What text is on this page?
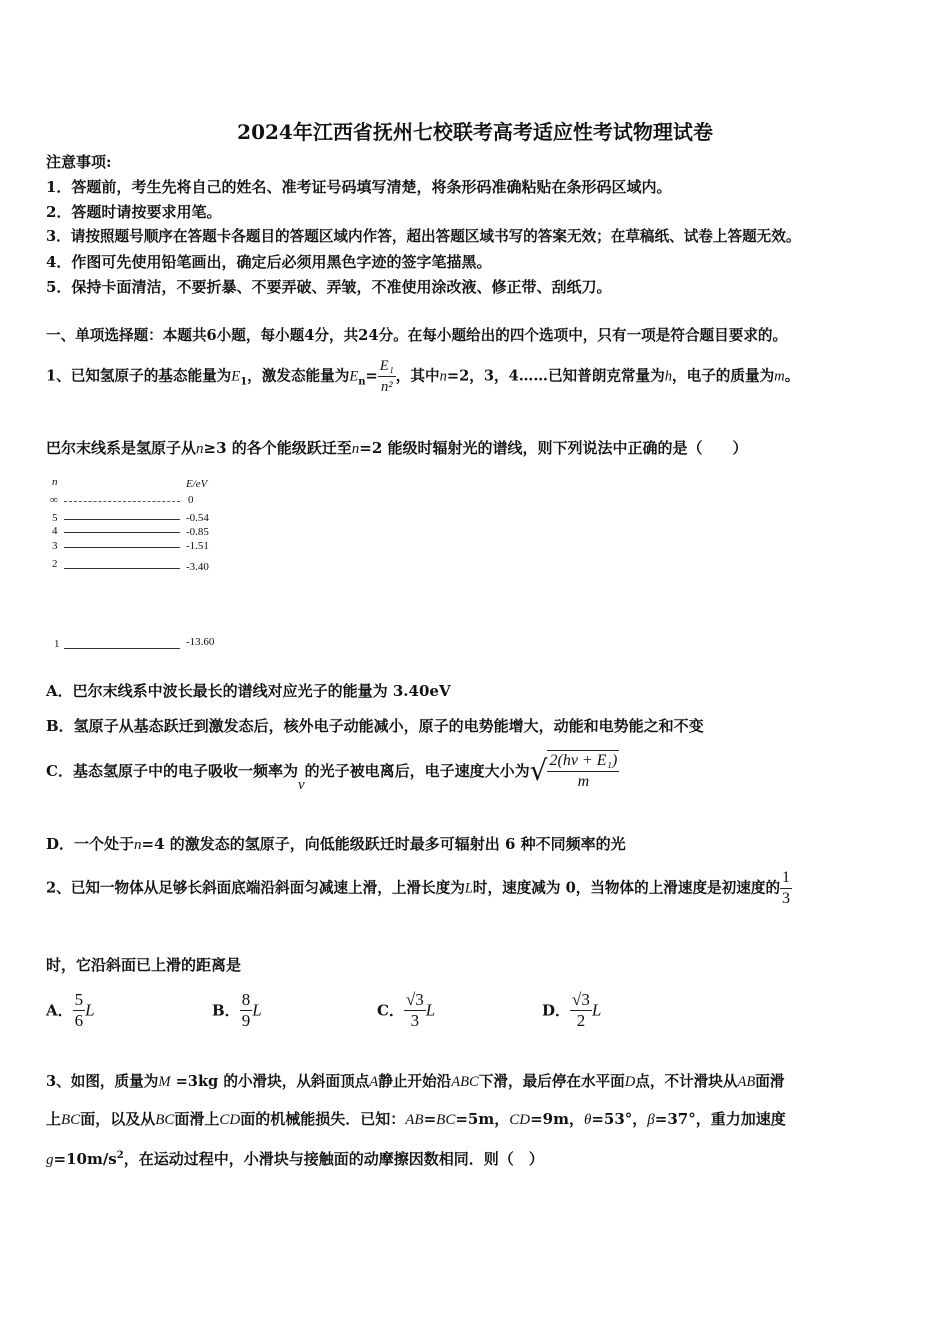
2024年江西省抚州七校联考高考适应性考试物理试卷
注意事项:
1．答题前，考生先将自己的姓名、准考证号码填写清楚，将条形码准确粘贴在条形码区域内。
2．答题时请按要求用笔。
3．请按照题号顺序在答题卡各题目的答题区域内作答，超出答题区域书写的答案无效；在草稿纸、试卷上答题无效。
4．作图可先使用铅笔画出，确定后必须用黑色字迹的签字笔描黑。
5．保持卡面清洁，不要折暴、不要弄破、弄皱，不准使用涂改液、修正带、刮纸刀。
一、单项选择题：本题共6小题，每小题4分，共24分。在每小题给出的四个选项中，只有一项是符合题目要求的。
1、已知氢原子的基态能量为$E_1$，激发态能量为$E_n= \frac{\text{E₁}}{\text{n²}}$ ，其中n=2，3，4……已知普朗克常量为h，电子的质量为m。
巴尔末线系是氢原子从n≥3 的各个能级跃迁至n=2 能级时辐射光的谱线，则下列说法中正确的是（　　）
n	E/eV
∞	0
5	-0.54
4	-0.85
3	-1.51
2	-3.40
1	-13.60
A．巴尔末线系中波长最长的谱线对应光子的能量为 3.40eV
B．氢原子从基态跃迁到激发态后，核外电子动能减小，原子的电势能增大，动能和电势能之和不变
C．基态氢原子中的电子吸收一频率为ν的光子被电离后，电子速度大小为√ $\frac{\text{2(hν + E₁)}}{m}$
D．一个处于n=4 的激发态的氢原子，向低能级跃迁时最多可辐射出 6 种不同频率的光
2、已知一物体从足够长斜面底端沿斜面匀减速上滑，上滑长度为L时，速度减为 0，当物体的上滑速度是初速度的 $\frac{1}{3}$
时，它沿斜面已上滑的距离是
A． $\frac{5}{6}$ L	B． $\frac{8}{9}$ L	C． $\frac{√3}{3}$ L	D． $\frac{√3}{2}$ L
3、如图，质量为M =3kg 的小滑块，从斜面顶点A静止开始沿ABC下滑，最后停在水平面D点，不计滑块从AB面滑
上BC面，以及从BC面滑上CD面的机械能损失．已知：AB=BC=5m，CD=9m，θ=53°，β=37°，重力加速度
$g=10m/s^2$，在运动过程中，小滑块与接触面的动摩擦因数相同．则（　）
